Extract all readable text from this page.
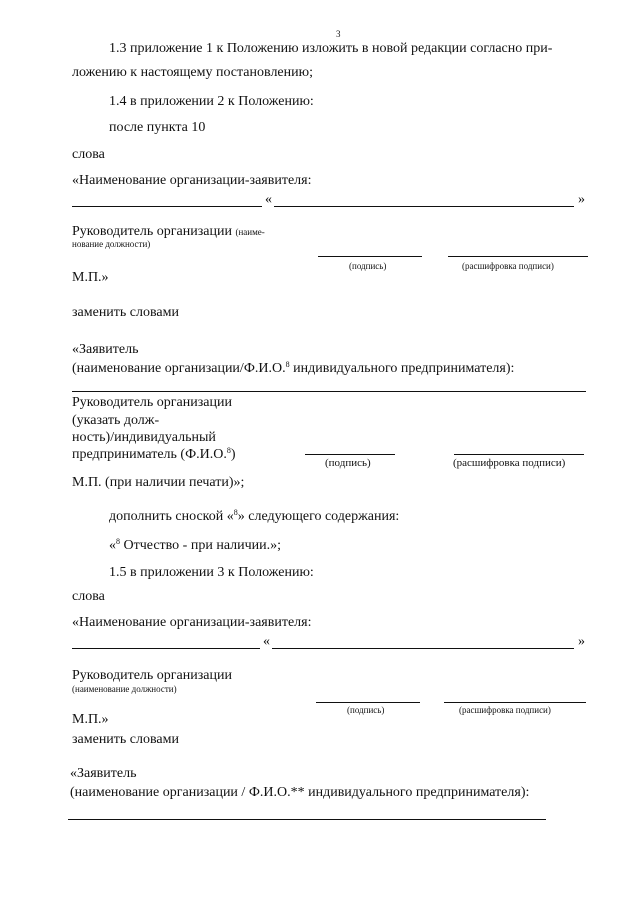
3
1.3 приложение 1 к Положению изложить в новой редакции согласно при-
ложению к настоящему постановлению;
1.4 в приложении 2 к Положению:
после пункта 10
слова
«Наименование организации-заявителя:
«	»
Руководитель организации (наиме-
нование должности)
(подпись)	(расшифровка подписи)
М.П.»
заменить словами
«Заявитель
(наименование организации/Ф.И.О.$^8$ индивидуального предпринимателя):
Руководитель организации
(указать долж-
ность)/индивидуальный
предприниматель (Ф.И.О.$^8$)
(подпись)	(расшифровка подписи)
М.П. (при наличии печати)»;
дополнить сноской «$^8$» следующего содержания:
«$^8$ Отчество - при наличии.»;
1.5 в приложении 3 к Положению:
слова
«Наименование организации-заявителя:
«	»
Руководитель организации
(наименование должности)
(подпись)	(расшифровка подписи)
М.П.»
заменить словами
«Заявитель
(наименование организации / Ф.И.О.** индивидуального предпринимателя):
